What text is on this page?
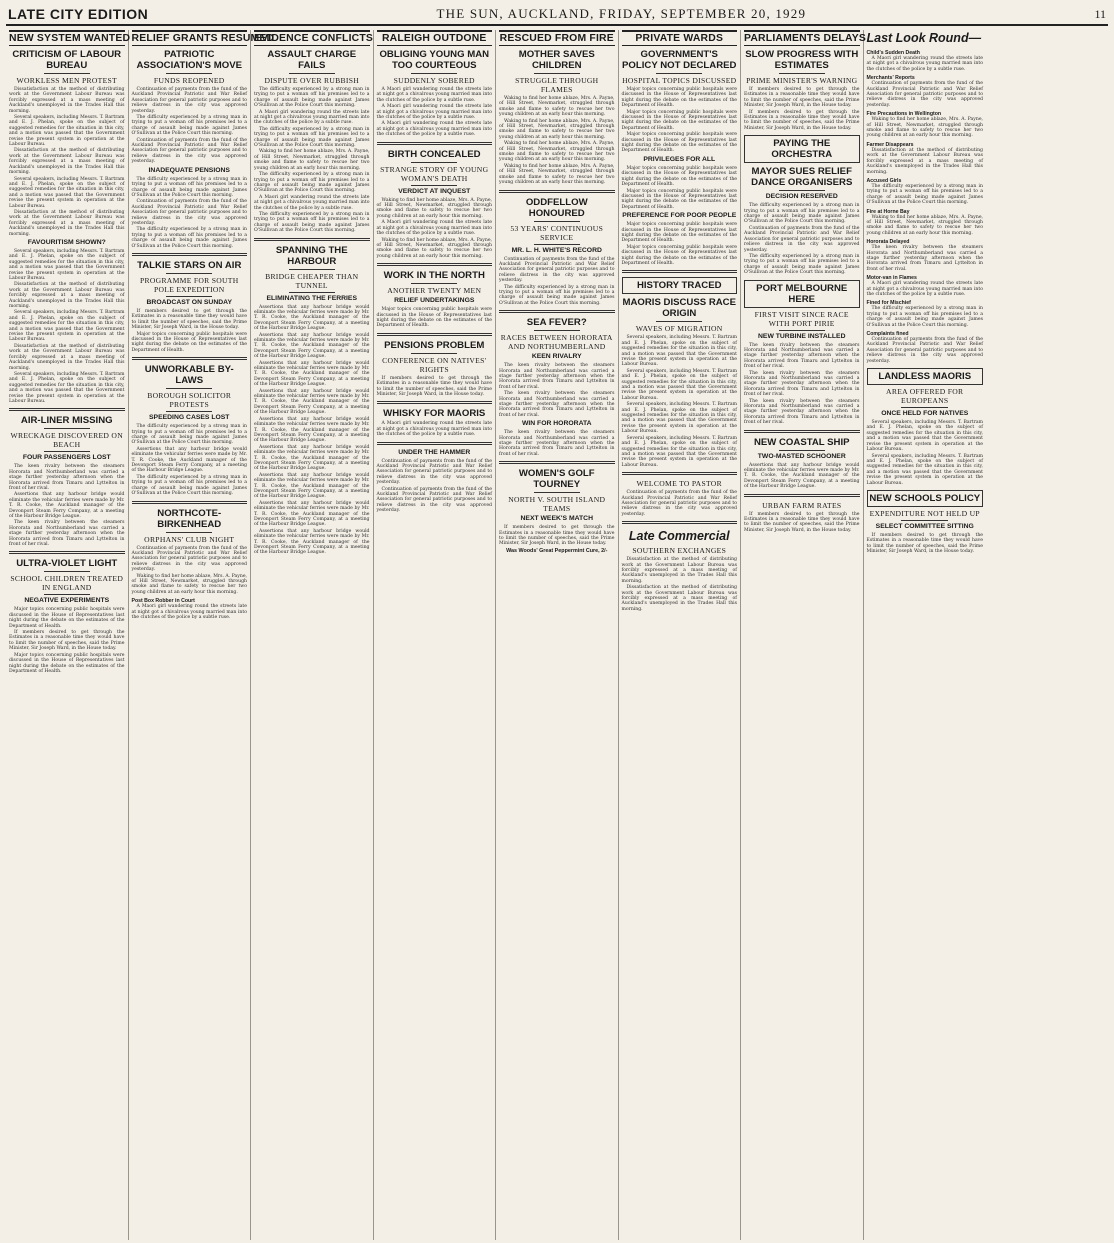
LATE CITY EDITION	THE SUN, AUCKLAND, FRIDAY, SEPTEMBER 20, 1929	11
NEW SYSTEM WANTED
CRITICISM OF LABOUR BUREAU
WORKLESS MEN PROTEST

Dissatisfaction at the method of distributing work at the Government Labour Bureau was forcibly expressed at a mass meeting of Auckland's unemployed in the Trades Hall this morning.

Several speakers, including Messrs. T. Bartram and E. J. Phelan, spoke on the subject of suggested remedies for the situation in this city, and a motion was passed that the Government revise the present system in operation at the Labour Bureau.

Dissatisfaction at the method of distributing work at the Government Labour Bureau was forcibly expressed at a mass meeting of Auckland's unemployed in the Trades Hall this morning.

Several speakers, including Messrs. T. Bartram and E. J. Phelan, spoke on the subject of suggested remedies for the situation in this city, and a motion was passed that the Government revise the present system in operation at the Labour Bureau.

Dissatisfaction at the method of distributing work at the Government Labour Bureau was forcibly expressed at a mass meeting of Auckland's unemployed in the Trades Hall this morning.

FAVOURITISM SHOWN?

Several speakers, including Messrs. T. Bartram and E. J. Phelan, spoke on the subject of suggested remedies for the situation in this city, and a motion was passed that the Government revise the present system in operation at the Labour Bureau.

Dissatisfaction at the method of distributing work at the Government Labour Bureau was forcibly expressed at a mass meeting of Auckland's unemployed in the Trades Hall this morning.

Several speakers, including Messrs. T. Bartram and E. J. Phelan, spoke on the subject of suggested remedies for the situation in this city, and a motion was passed that the Government revise the present system in operation at the Labour Bureau.

Dissatisfaction at the method of distributing work at the Government Labour Bureau was forcibly expressed at a mass meeting of Auckland's unemployed in the Trades Hall this morning.

Several speakers, including Messrs. T. Bartram and E. J. Phelan, spoke on the subject of suggested remedies for the situation in this city, and a motion was passed that the Government revise the present system in operation at the Labour Bureau.

AIR-LINER MISSING
WRECKAGE DISCOVERED ON BEACH
FOUR PASSENGERS LOST

The keen rivalry between the steamers Hororata and Northumberland was carried a stage further yesterday afternoon when the Hororata arrived from Timaru and Lyttelton in front of her rival.

Assertions that any harbour bridge would eliminate the vehicular ferries were made by Mr. T. R. Cooke, the Auckland manager of the Devonport Steam Ferry Company, at a meeting of the Harbour Bridge League.

The keen rivalry between the steamers Hororata and Northumberland was carried a stage further yesterday afternoon when the Hororata arrived from Timaru and Lyttelton in front of her rival.

ULTRA-VIOLET LIGHT
SCHOOL CHILDREN TREATED IN ENGLAND
NEGATIVE EXPERIMENTS

Major topics concerning public hospitals were discussed in the House of Representatives last night during the debate on the estimates of the Department of Health.

If members desired to get through the Estimates in a reasonable time they would have to limit the number of speeches, said the Prime Minister, Sir Joseph Ward, in the House today.

Major topics concerning public hospitals were discussed in the House of Representatives last night during the debate on the estimates of the Department of Health.

RELIEF GRANTS RESUMED
PATRIOTIC ASSOCIATION'S MOVE
FUNDS REOPENED

Continuation of payments from the fund of the Auckland Provincial Patriotic and War Relief Association for general patriotic purposes and to relieve distress in the city was approved yesterday.

The difficulty experienced by a strong man in trying to put a woman off his premises led to a charge of assault being made against James O'Sullivan at the Police Court this morning.

Continuation of payments from the fund of the Auckland Provincial Patriotic and War Relief Association for general patriotic purposes and to relieve distress in the city was approved yesterday.

INADEQUATE PENSIONS

The difficulty experienced by a strong man in trying to put a woman off his premises led to a charge of assault being made against James O'Sullivan at the Police Court this morning.

Continuation of payments from the fund of the Auckland Provincial Patriotic and War Relief Association for general patriotic purposes and to relieve distress in the city was approved yesterday.

The difficulty experienced by a strong man in trying to put a woman off his premises led to a charge of assault being made against James O'Sullivan at the Police Court this morning.

TALKIE STARS ON AIR
PROGRAMME FOR SOUTH POLE EXPEDITION
BROADCAST ON SUNDAY

If members desired to get through the Estimates in a reasonable time they would have to limit the number of speeches, said the Prime Minister, Sir Joseph Ward, in the House today.

Major topics concerning public hospitals were discussed in the House of Representatives last night during the debate on the estimates of the Department of Health.

UNWORKABLE BY-LAWS
BOROUGH SOLICITOR PROTESTS
SPEEDING CASES LOST

The difficulty experienced by a strong man in trying to put a woman off his premises led to a charge of assault being made against James O'Sullivan at the Police Court this morning.

Assertions that any harbour bridge would eliminate the vehicular ferries were made by Mr. T. R. Cooke, the Auckland manager of the Devonport Steam Ferry Company, at a meeting of the Harbour Bridge League.

The difficulty experienced by a strong man in trying to put a woman off his premises led to a charge of assault being made against James O'Sullivan at the Police Court this morning.

NORTHCOTE-BIRKENHEAD
ORPHANS' CLUB NIGHT

Continuation of payments from the fund of the Auckland Provincial Patriotic and War Relief Association for general patriotic purposes and to relieve distress in the city was approved yesterday.

Waking to find her home ablaze, Mrs. A. Payne, of Hill Street, Newmarket, struggled through smoke and flame to safety to rescue her two young children at an early hour this morning.

Post Box Robber in Court

A Maori girl wandering round the streets late at night got a chivalrous young married man into the clutches of the police by a subtle ruse.

EVIDENCE CONFLICTS
ASSAULT CHARGE FAILS
DISPUTE OVER RUBBISH

The difficulty experienced by a strong man in trying to put a woman off his premises led to a charge of assault being made against James O'Sullivan at the Police Court this morning.

A Maori girl wandering round the streets late at night got a chivalrous young married man into the clutches of the police by a subtle ruse.

The difficulty experienced by a strong man in trying to put a woman off his premises led to a charge of assault being made against James O'Sullivan at the Police Court this morning.

Waking to find her home ablaze, Mrs. A. Payne, of Hill Street, Newmarket, struggled through smoke and flame to safety to rescue her two young children at an early hour this morning.

The difficulty experienced by a strong man in trying to put a woman off his premises led to a charge of assault being made against James O'Sullivan at the Police Court this morning.

A Maori girl wandering round the streets late at night got a chivalrous young married man into the clutches of the police by a subtle ruse.

The difficulty experienced by a strong man in trying to put a woman off his premises led to a charge of assault being made against James O'Sullivan at the Police Court this morning.

SPANNING THE HARBOUR
BRIDGE CHEAPER THAN TUNNEL
ELIMINATING THE FERRIES

Assertions that any harbour bridge would eliminate the vehicular ferries were made by Mr. T. R. Cooke, the Auckland manager of the Devonport Steam Ferry Company, at a meeting of the Harbour Bridge League.

Assertions that any harbour bridge would eliminate the vehicular ferries were made by Mr. T. R. Cooke, the Auckland manager of the Devonport Steam Ferry Company, at a meeting of the Harbour Bridge League.

Assertions that any harbour bridge would eliminate the vehicular ferries were made by Mr. T. R. Cooke, the Auckland manager of the Devonport Steam Ferry Company, at a meeting of the Harbour Bridge League.

Assertions that any harbour bridge would eliminate the vehicular ferries were made by Mr. T. R. Cooke, the Auckland manager of the Devonport Steam Ferry Company, at a meeting of the Harbour Bridge League.

Assertions that any harbour bridge would eliminate the vehicular ferries were made by Mr. T. R. Cooke, the Auckland manager of the Devonport Steam Ferry Company, at a meeting of the Harbour Bridge League.

Assertions that any harbour bridge would eliminate the vehicular ferries were made by Mr. T. R. Cooke, the Auckland manager of the Devonport Steam Ferry Company, at a meeting of the Harbour Bridge League.

Assertions that any harbour bridge would eliminate the vehicular ferries were made by Mr. T. R. Cooke, the Auckland manager of the Devonport Steam Ferry Company, at a meeting of the Harbour Bridge League.

Assertions that any harbour bridge would eliminate the vehicular ferries were made by Mr. T. R. Cooke, the Auckland manager of the Devonport Steam Ferry Company, at a meeting of the Harbour Bridge League.

Assertions that any harbour bridge would eliminate the vehicular ferries were made by Mr. T. R. Cooke, the Auckland manager of the Devonport Steam Ferry Company, at a meeting of the Harbour Bridge League.

RALEIGH OUTDONE
OBLIGING YOUNG MAN TOO COURTEOUS
SUDDENLY SOBERED

A Maori girl wandering round the streets late at night got a chivalrous young married man into the clutches of the police by a subtle ruse.

A Maori girl wandering round the streets late at night got a chivalrous young married man into the clutches of the police by a subtle ruse.

A Maori girl wandering round the streets late at night got a chivalrous young married man into the clutches of the police by a subtle ruse.

BIRTH CONCEALED
STRANGE STORY OF YOUNG WOMAN'S DEATH
VERDICT AT INQUEST

Waking to find her home ablaze, Mrs. A. Payne, of Hill Street, Newmarket, struggled through smoke and flame to safety to rescue her two young children at an early hour this morning.

A Maori girl wandering round the streets late at night got a chivalrous young married man into the clutches of the police by a subtle ruse.

Waking to find her home ablaze, Mrs. A. Payne, of Hill Street, Newmarket, struggled through smoke and flame to safety to rescue her two young children at an early hour this morning.

WORK IN THE NORTH
ANOTHER TWENTY MEN
RELIEF UNDERTAKINGS

Major topics concerning public hospitals were discussed in the House of Representatives last night during the debate on the estimates of the Department of Health.

PENSIONS PROBLEM
CONFERENCE ON NATIVES' RIGHTS

If members desired to get through the Estimates in a reasonable time they would have to limit the number of speeches, said the Prime Minister, Sir Joseph Ward, in the House today.

WHISKY FOR MAORIS

A Maori girl wandering round the streets late at night got a chivalrous young married man into the clutches of the police by a subtle ruse.

UNDER THE HAMMER

Continuation of payments from the fund of the Auckland Provincial Patriotic and War Relief Association for general patriotic purposes and to relieve distress in the city was approved yesterday.

Continuation of payments from the fund of the Auckland Provincial Patriotic and War Relief Association for general patriotic purposes and to relieve distress in the city was approved yesterday.

RESCUED FROM FIRE
MOTHER SAVES CHILDREN
STRUGGLE THROUGH FLAMES

Waking to find her home ablaze, Mrs. A. Payne, of Hill Street, Newmarket, struggled through smoke and flame to safety to rescue her two young children at an early hour this morning.

Waking to find her home ablaze, Mrs. A. Payne, of Hill Street, Newmarket, struggled through smoke and flame to safety to rescue her two young children at an early hour this morning.

Waking to find her home ablaze, Mrs. A. Payne, of Hill Street, Newmarket, struggled through smoke and flame to safety to rescue her two young children at an early hour this morning.

Waking to find her home ablaze, Mrs. A. Payne, of Hill Street, Newmarket, struggled through smoke and flame to safety to rescue her two young children at an early hour this morning.

ODDFELLOW HONOURED
53 YEARS' CONTINUOUS SERVICE
MR. L. H. WHITE'S RECORD

Continuation of payments from the fund of the Auckland Provincial Patriotic and War Relief Association for general patriotic purposes and to relieve distress in the city was approved yesterday.

The difficulty experienced by a strong man in trying to put a woman off his premises led to a charge of assault being made against James O'Sullivan at the Police Court this morning.

SEA FEVER?
RACES BETWEEN HORORATA AND NORTHUMBERLAND
KEEN RIVALRY

The keen rivalry between the steamers Hororata and Northumberland was carried a stage further yesterday afternoon when the Hororata arrived from Timaru and Lyttelton in front of her rival.

The keen rivalry between the steamers Hororata and Northumberland was carried a stage further yesterday afternoon when the Hororata arrived from Timaru and Lyttelton in front of her rival.

WIN FOR HORORATA

The keen rivalry between the steamers Hororata and Northumberland was carried a stage further yesterday afternoon when the Hororata arrived from Timaru and Lyttelton in front of her rival.

WOMEN'S GOLF TOURNEY
NORTH V. SOUTH ISLAND TEAMS
NEXT WEEK'S MATCH

If members desired to get through the Estimates in a reasonable time they would have to limit the number of speeches, said the Prime Minister, Sir Joseph Ward, in the House today.

Was Woods' Great Peppermint Cure, 2/-
PRIVATE WARDS
GOVERNMENT'S POLICY NOT DECLARED
HOSPITAL TOPICS DISCUSSED

Major topics concerning public hospitals were discussed in the House of Representatives last night during the debate on the estimates of the Department of Health.

Major topics concerning public hospitals were discussed in the House of Representatives last night during the debate on the estimates of the Department of Health.

Major topics concerning public hospitals were discussed in the House of Representatives last night during the debate on the estimates of the Department of Health.

PRIVILEGES FOR ALL

Major topics concerning public hospitals were discussed in the House of Representatives last night during the debate on the estimates of the Department of Health.

Major topics concerning public hospitals were discussed in the House of Representatives last night during the debate on the estimates of the Department of Health.

PREFERENCE FOR POOR PEOPLE

Major topics concerning public hospitals were discussed in the House of Representatives last night during the debate on the estimates of the Department of Health.

Major topics concerning public hospitals were discussed in the House of Representatives last night during the debate on the estimates of the Department of Health.

HISTORY TRACED
MAORIS DISCUSS RACE ORIGIN
WAVES OF MIGRATION

Several speakers, including Messrs. T. Bartram and E. J. Phelan, spoke on the subject of suggested remedies for the situation in this city, and a motion was passed that the Government revise the present system in operation at the Labour Bureau.

Several speakers, including Messrs. T. Bartram and E. J. Phelan, spoke on the subject of suggested remedies for the situation in this city, and a motion was passed that the Government revise the present system in operation at the Labour Bureau.

Several speakers, including Messrs. T. Bartram and E. J. Phelan, spoke on the subject of suggested remedies for the situation in this city, and a motion was passed that the Government revise the present system in operation at the Labour Bureau.

Several speakers, including Messrs. T. Bartram and E. J. Phelan, spoke on the subject of suggested remedies for the situation in this city, and a motion was passed that the Government revise the present system in operation at the Labour Bureau.

WELCOME TO PASTOR

Continuation of payments from the fund of the Auckland Provincial Patriotic and War Relief Association for general patriotic purposes and to relieve distress in the city was approved yesterday.

Late Commercial
SOUTHERN EXCHANGES

Dissatisfaction at the method of distributing work at the Government Labour Bureau was forcibly expressed at a mass meeting of Auckland's unemployed in the Trades Hall this morning.

Dissatisfaction at the method of distributing work at the Government Labour Bureau was forcibly expressed at a mass meeting of Auckland's unemployed in the Trades Hall this morning.

PARLIAMENTS DELAYS
SLOW PROGRESS WITH ESTIMATES
PRIME MINISTER'S WARNING

If members desired to get through the Estimates in a reasonable time they would have to limit the number of speeches, said the Prime Minister, Sir Joseph Ward, in the House today.

If members desired to get through the Estimates in a reasonable time they would have to limit the number of speeches, said the Prime Minister, Sir Joseph Ward, in the House today.

PAYING THE ORCHESTRA
MAYOR SUES RELIEF DANCE ORGANISERS
DECISION RESERVED

The difficulty experienced by a strong man in trying to put a woman off his premises led to a charge of assault being made against James O'Sullivan at the Police Court this morning.

Continuation of payments from the fund of the Auckland Provincial Patriotic and War Relief Association for general patriotic purposes and to relieve distress in the city was approved yesterday.

The difficulty experienced by a strong man in trying to put a woman off his premises led to a charge of assault being made against James O'Sullivan at the Police Court this morning.

PORT MELBOURNE HERE
FIRST VISIT SINCE RACE WITH PORT PIRIE
NEW TURBINE INSTALLED

The keen rivalry between the steamers Hororata and Northumberland was carried a stage further yesterday afternoon when the Hororata arrived from Timaru and Lyttelton in front of her rival.

The keen rivalry between the steamers Hororata and Northumberland was carried a stage further yesterday afternoon when the Hororata arrived from Timaru and Lyttelton in front of her rival.

The keen rivalry between the steamers Hororata and Northumberland was carried a stage further yesterday afternoon when the Hororata arrived from Timaru and Lyttelton in front of her rival.

NEW COASTAL SHIP
TWO-MASTED SCHOONER

Assertions that any harbour bridge would eliminate the vehicular ferries were made by Mr. T. R. Cooke, the Auckland manager of the Devonport Steam Ferry Company, at a meeting of the Harbour Bridge League.

URBAN FARM RATES

If members desired to get through the Estimates in a reasonable time they would have to limit the number of speeches, said the Prime Minister, Sir Joseph Ward, in the House today.

Last Look Round—
Child's Sudden Death

A Maori girl wandering round the streets late at night got a chivalrous young married man into the clutches of the police by a subtle ruse.

Merchants' Reports

Continuation of payments from the fund of the Auckland Provincial Patriotic and War Relief Association for general patriotic purposes and to relieve distress in the city was approved yesterday.

Fire Precautions in Wellington

Waking to find her home ablaze, Mrs. A. Payne, of Hill Street, Newmarket, struggled through smoke and flame to safety to rescue her two young children at an early hour this morning.

Farmer Disappears

Dissatisfaction at the method of distributing work at the Government Labour Bureau was forcibly expressed at a mass meeting of Auckland's unemployed in the Trades Hall this morning.

Accused Girls

The difficulty experienced by a strong man in trying to put a woman off his premises led to a charge of assault being made against James O'Sullivan at the Police Court this morning.

Fire at Horne Bay

Waking to find her home ablaze, Mrs. A. Payne, of Hill Street, Newmarket, struggled through smoke and flame to safety to rescue her two young children at an early hour this morning.

Hororata Delayed

The keen rivalry between the steamers Hororata and Northumberland was carried a stage further yesterday afternoon when the Hororata arrived from Timaru and Lyttelton in front of her rival.

Motor-van in Flames

A Maori girl wandering round the streets late at night got a chivalrous young married man into the clutches of the police by a subtle ruse.

Fined for Mischief

The difficulty experienced by a strong man in trying to put a woman off his premises led to a charge of assault being made against James O'Sullivan at the Police Court this morning.

Complaints fined

Continuation of payments from the fund of the Auckland Provincial Patriotic and War Relief Association for general patriotic purposes and to relieve distress in the city was approved yesterday.

LANDLESS MAORIS
AREA OFFERED FOR EUROPEANS
ONCE HELD FOR NATIVES

Several speakers, including Messrs. T. Bartram and E. J. Phelan, spoke on the subject of suggested remedies for the situation in this city, and a motion was passed that the Government revise the present system in operation at the Labour Bureau.

Several speakers, including Messrs. T. Bartram and E. J. Phelan, spoke on the subject of suggested remedies for the situation in this city, and a motion was passed that the Government revise the present system in operation at the Labour Bureau.

NEW SCHOOLS POLICY
EXPENDITURE NOT HELD UP
SELECT COMMITTEE SITTING

If members desired to get through the Estimates in a reasonable time they would have to limit the number of speeches, said the Prime Minister, Sir Joseph Ward, in the House today.
